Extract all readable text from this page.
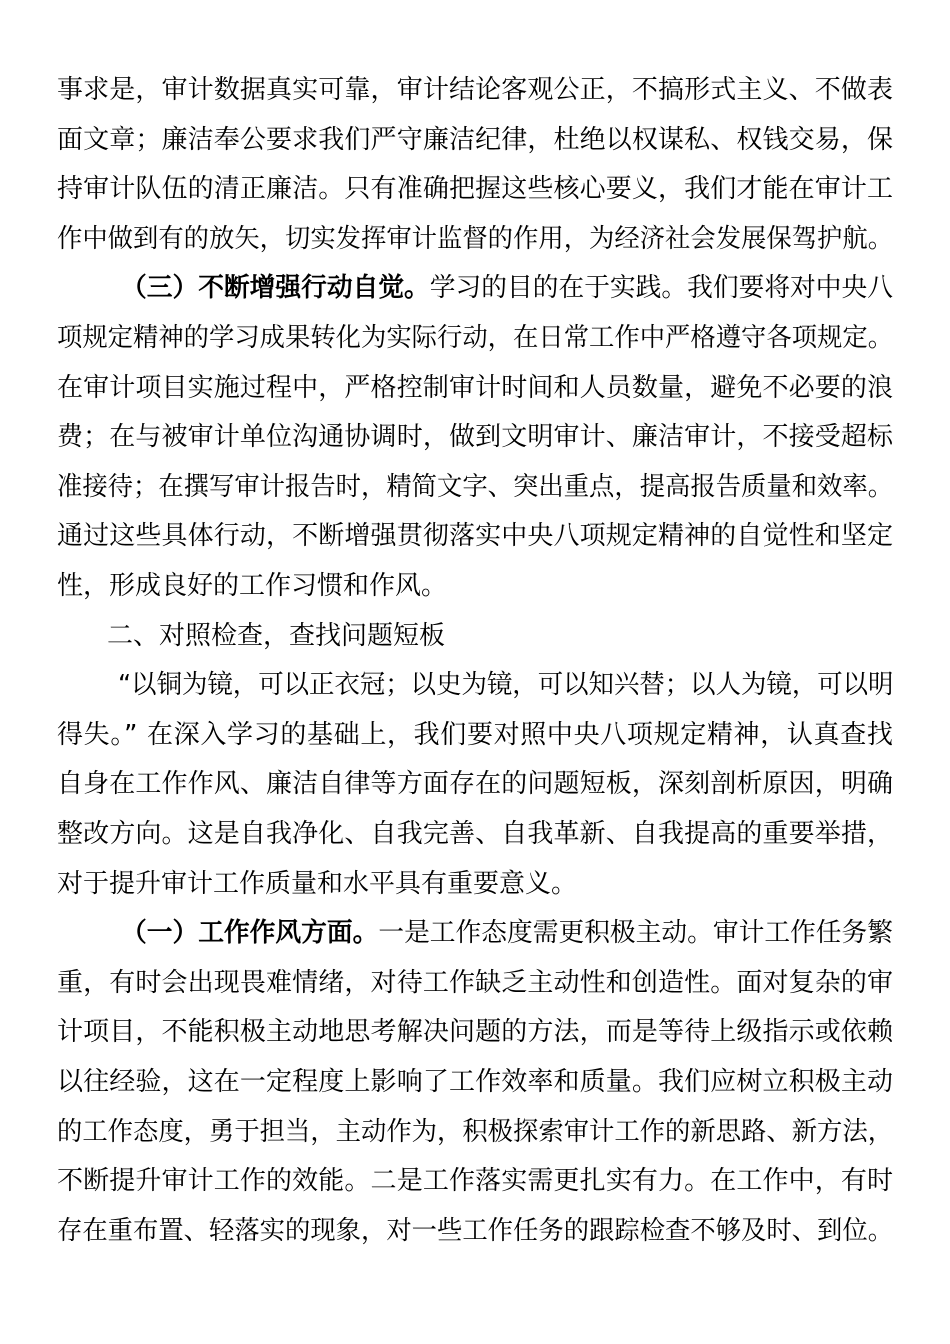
事求是，审计数据真实可靠，审计结论客观公正，不搞形式主义、不做表
面文章；廉洁奉公要求我们严守廉洁纪律，杜绝以权谋私、权钱交易，保
持审计队伍的清正廉洁。只有准确把握这些核心要义，我们才能在审计工
作中做到有的放矢，切实发挥审计监督的作用，为经济社会发展保驾护航。
（三）不断增强行动自觉。学习的目的在于实践。我们要将对中央八
项规定精神的学习成果转化为实际行动，在日常工作中严格遵守各项规定。
在审计项目实施过程中，严格控制审计时间和人员数量，避免不必要的浪
费；在与被审计单位沟通协调时，做到文明审计、廉洁审计，不接受超标
准接待；在撰写审计报告时，精简文字、突出重点，提高报告质量和效率。
通过这些具体行动，不断增强贯彻落实中央八项规定精神的自觉性和坚定
性，形成良好的工作习惯和作风。
二、对照检查，查找问题短板
“以铜为镜，可以正衣冠；以史为镜，可以知兴替；以人为镜，可以明
得失。” 在深入学习的基础上，我们要对照中央八项规定精神，认真查找
自身在工作作风、廉洁自律等方面存在的问题短板，深刻剖析原因，明确
整改方向。这是自我净化、自我完善、自我革新、自我提高的重要举措，
对于提升审计工作质量和水平具有重要意义。
（一）工作作风方面。一是工作态度需更积极主动。审计工作任务繁
重，有时会出现畏难情绪，对待工作缺乏主动性和创造性。面对复杂的审
计项目，不能积极主动地思考解决问题的方法，而是等待上级指示或依赖
以往经验，这在一定程度上影响了工作效率和质量。我们应树立积极主动
的工作态度，勇于担当，主动作为，积极探索审计工作的新思路、新方法，
不断提升审计工作的效能。二是工作落实需更扎实有力。在工作中，有时
存在重布置、轻落实的现象，对一些工作任务的跟踪检查不够及时、到位。
